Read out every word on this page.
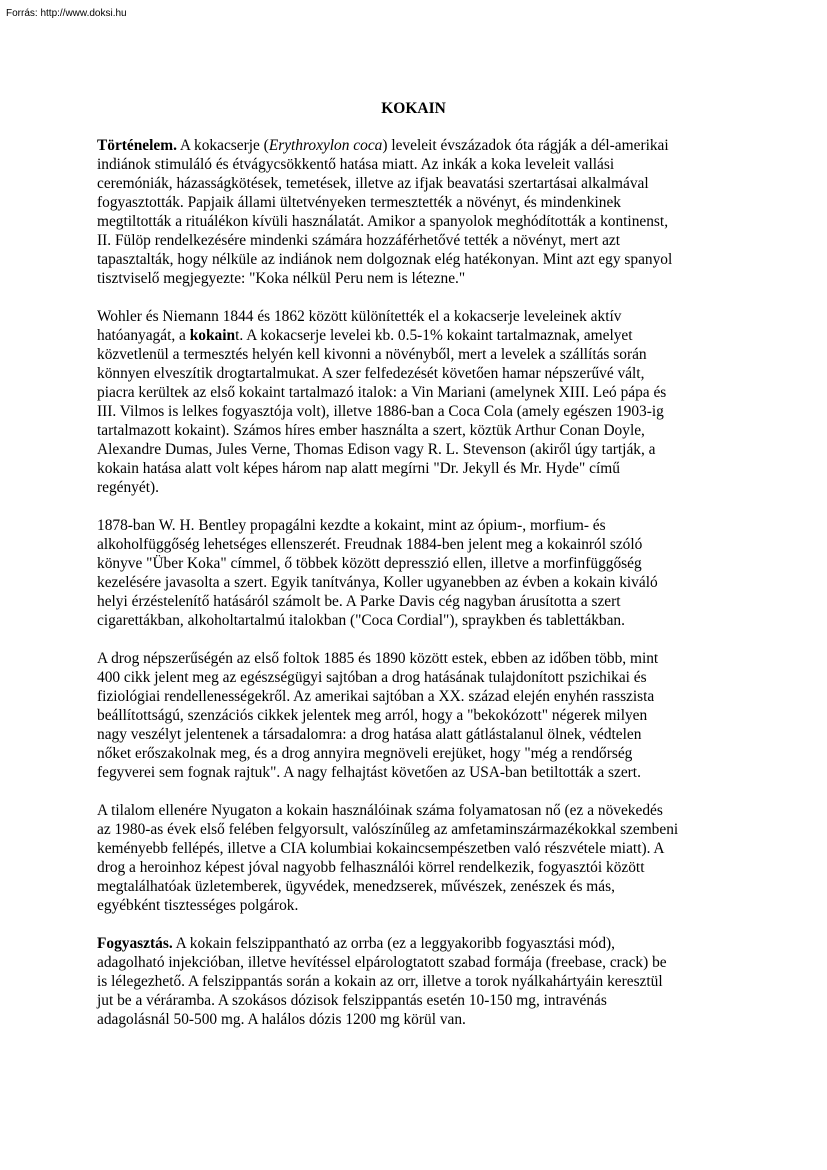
Forrás: http://www.doksi.hu
KOKAIN
Történelem. A kokacserje (Erythroxylon coca) leveleit évszázadok óta rágják a dél-amerikai
indiánok stimuláló és étvágycsökkentő hatása miatt. Az inkák a koka leveleit vallási
ceremóniák, házasságkötések, temetések, illetve az ifjak beavatási szertartásai alkalmával
fogyasztották. Papjaik állami ültetvényeken termesztették a növényt, és mindenkinek
megtiltották a rituálékon kívüli használatát. Amikor a spanyolok meghódították a kontinenst,
II. Fülöp rendelkezésére mindenki számára hozzáférhetővé tették a növényt, mert azt
tapasztalták, hogy nélküle az indiánok nem dolgoznak elég hatékonyan. Mint azt egy spanyol
tisztviselő megjegyezte: "Koka nélkül Peru nem is létezne."
Wohler és Niemann 1844 és 1862 között különítették el a kokacserje leveleinek aktív
hatóanyagát, a kokaint. A kokacserje levelei kb. 0.5-1% kokaint tartalmaznak, amelyet
közvetlenül a termesztés helyén kell kivonni a növényből, mert a levelek a szállítás során
könnyen elveszítik drogtartalmukat. A szer felfedezését követően hamar népszerűvé vált,
piacra kerültek az első kokaint tartalmazó italok: a Vin Mariani (amelynek XIII. Leó pápa és
III. Vilmos is lelkes fogyasztója volt), illetve 1886-ban a Coca Cola (amely egészen 1903-ig
tartalmazott kokaint). Számos híres ember használta a szert, köztük Arthur Conan Doyle,
Alexandre Dumas, Jules Verne, Thomas Edison vagy R. L. Stevenson (akiről úgy tartják, a
kokain hatása alatt volt képes három nap alatt megírni "Dr. Jekyll és Mr. Hyde" című
regényét).
1878-ban W. H. Bentley propagálni kezdte a kokaint, mint az ópium-, morfium- és
alkoholfüggőség lehetséges ellenszerét. Freudnak 1884-ben jelent meg a kokainról szóló
könyve "Über Koka" címmel, ő többek között depresszió ellen, illetve a morfinfüggőség
kezelésére javasolta a szert. Egyik tanítványa, Koller ugyanebben az évben a kokain kiváló
helyi érzéstelenítő hatásáról számolt be. A Parke Davis cég nagyban árusította a szert
cigarettákban, alkoholtartalmú italokban ("Coca Cordial"), spraykben és tablettákban.
A drog népszerűségén az első foltok 1885 és 1890 között estek, ebben az időben több, mint
400 cikk jelent meg az egészségügyi sajtóban a drog hatásának tulajdonított pszichikai és
fiziológiai rendellenességekről. Az amerikai sajtóban a XX. század elején enyhén rasszista
beállítottságú, szenzációs cikkek jelentek meg arról, hogy a "bekokózott" négerek milyen
nagy veszélyt jelentenek a társadalomra: a drog hatása alatt gátlástalanul ölnek, védtelen
nőket erőszakolnak meg, és a drog annyira megnöveli erejüket, hogy "még a rendőrség
fegyverei sem fognak rajtuk". A nagy felhajtást követően az USA-ban betiltották a szert.
A tilalom ellenére Nyugaton a kokain használóinak száma folyamatosan nő (ez a növekedés
az 1980-as évek első felében felgyorsult, valószínűleg az amfetaminszármazékokkal szembeni
keményebb fellépés, illetve a CIA kolumbiai kokaincsempészetben való részvétele miatt). A
drog a heroinhoz képest jóval nagyobb felhasználói körrel rendelkezik, fogyasztói között
megtalálhatóak üzletemberek, ügyvédek, menedzserek, művészek, zenészek és más,
egyébként tisztességes polgárok.
Fogyasztás. A kokain felszippantható az orrba (ez a leggyakoribb fogyasztási mód),
adagolható injekcióban, illetve hevítéssel elpárologtatott szabad formája (freebase, crack) be
is lélegezhető. A felszippantás során a kokain az orr, illetve a torok nyálkahártyáin keresztül
jut be a véráramba. A szokásos dózisok felszippantás esetén 10-150 mg, intravénás
adagolásnál 50-500 mg. A halálos dózis 1200 mg körül van.
